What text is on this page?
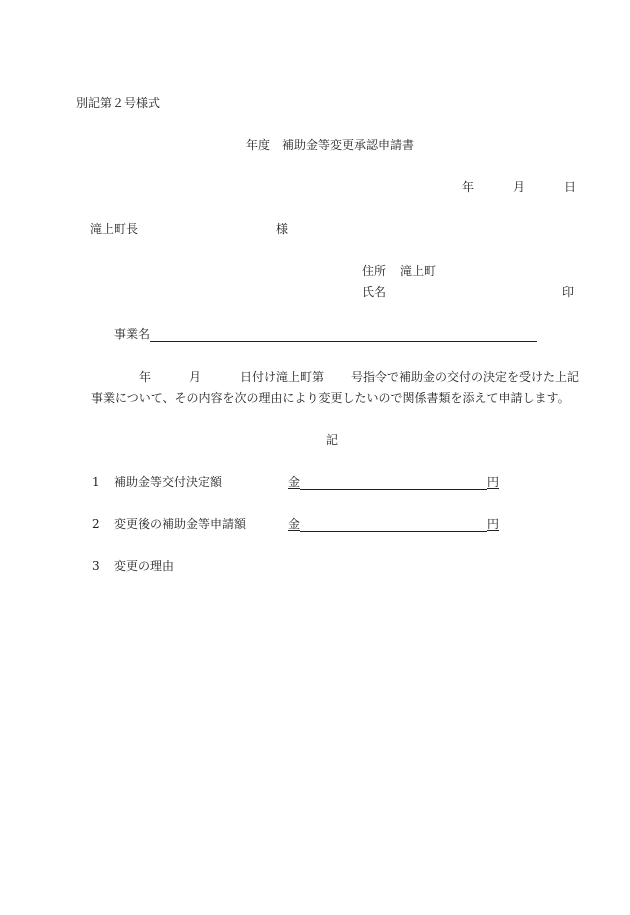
別記第２号様式
年度　補助金等変更承認申請書
年	月	日
滝上町長	様
住所 滝上町
氏名	印
事業名
年	月	日付け滝上町第 号指令で補助金の交付の決定を受けた上記
事業について、その内容を次の理由により変更したいので関係書類を添えて申請します。
記
1 補助金等交付決定額	金	円
2 変更後の補助金等申請額	金	円
3 変更の理由
